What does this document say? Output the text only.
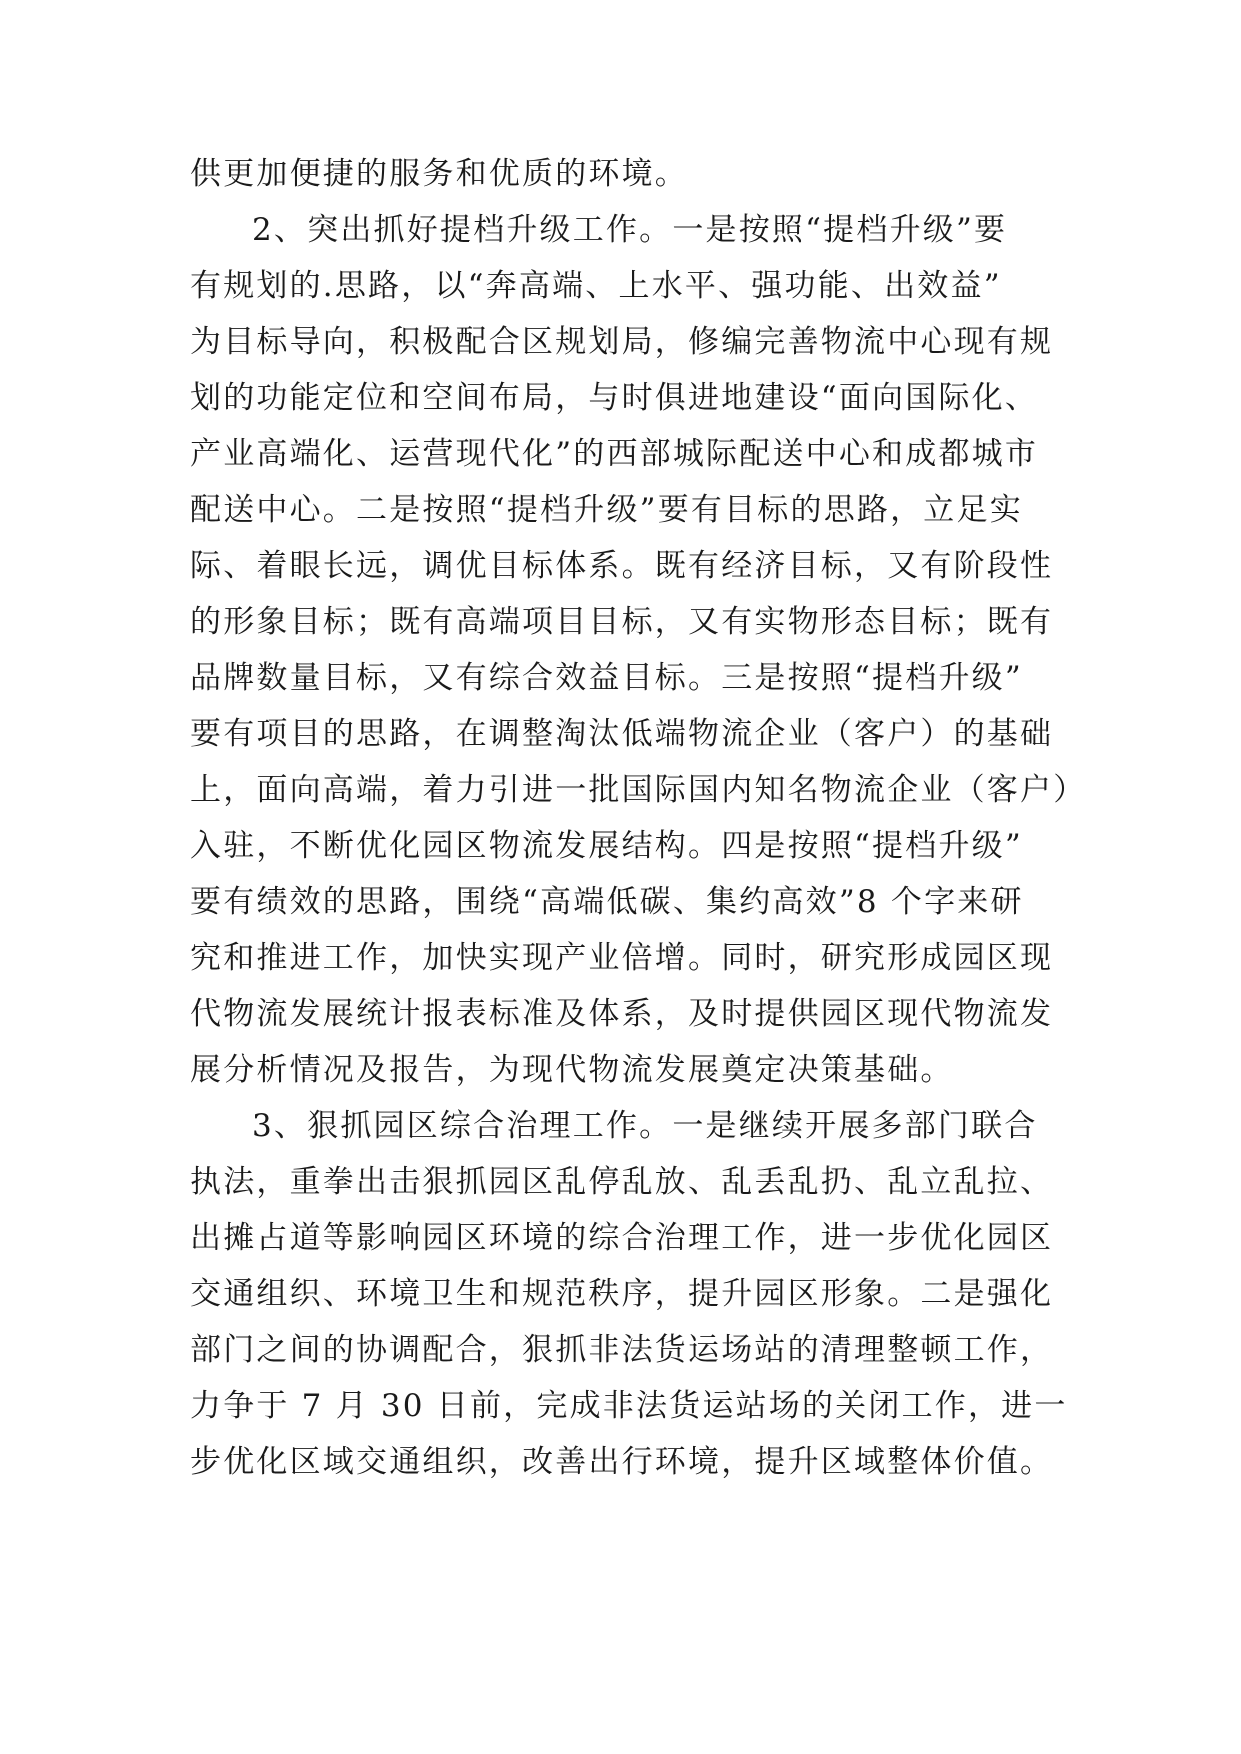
供更加便捷的服务和优质的环境。
2、突出抓好提档升级工作。一是按照“提档升级”要
有规划的.思路，以“奔高端、上水平、强功能、出效益”
为目标导向，积极配合区规划局，修编完善物流中心现有规
划的功能定位和空间布局，与时俱进地建设“面向国际化、
产业高端化、运营现代化”的西部城际配送中心和成都城市
配送中心。二是按照“提档升级”要有目标的思路，立足实
际、着眼长远，调优目标体系。既有经济目标，又有阶段性
的形象目标；既有高端项目目标，又有实物形态目标；既有
品牌数量目标，又有综合效益目标。三是按照“提档升级”
要有项目的思路，在调整淘汰低端物流企业（客户）的基础
上，面向高端，着力引进一批国际国内知名物流企业（客户）
入驻，不断优化园区物流发展结构。四是按照“提档升级”
要有绩效的思路，围绕“高端低碳、集约高效”8 个字来研
究和推进工作，加快实现产业倍增。同时，研究形成园区现
代物流发展统计报表标准及体系，及时提供园区现代物流发
展分析情况及报告，为现代物流发展奠定决策基础。
3、狠抓园区综合治理工作。一是继续开展多部门联合
执法，重拳出击狠抓园区乱停乱放、乱丢乱扔、乱立乱拉、
出摊占道等影响园区环境的综合治理工作，进一步优化园区
交通组织、环境卫生和规范秩序，提升园区形象。二是强化
部门之间的协调配合，狠抓非法货运场站的清理整顿工作，
力争于 7 月 30 日前，完成非法货运站场的关闭工作，进一
步优化区域交通组织，改善出行环境，提升区域整体价值。
